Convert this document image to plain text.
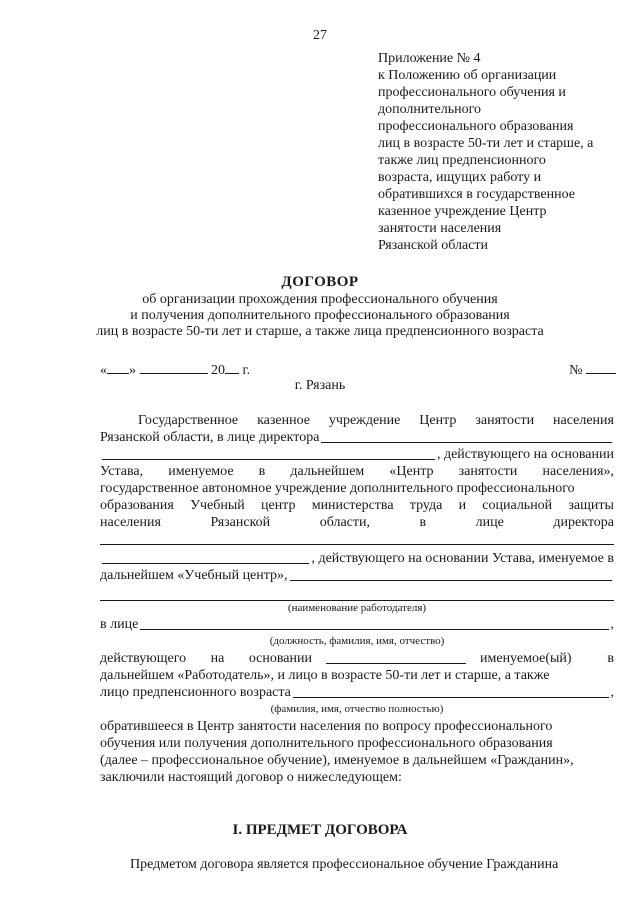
27
Приложение № 4
к Положению об организации
профессионального обучения и
дополнительного
профессионального образования
лиц в возрасте 50-ти лет и старше, а
также лиц предпенсионного
возраста, ищущих работу и
обратившихся в государственное
казенное учреждение Центр
занятости населения
Рязанской области
ДОГОВОР
об организации прохождения профессионального обучения
и получения дополнительного профессионального образования
лиц в возрасте 50-ти лет и старше, а также лица предпенсионного возраста
« »	20 г.	№
г. Рязань
Государственное казенное учреждение Центр занятости населения
Рязанской области, в лице директора
, действующего на основании
Устава, именуемое в дальнейшем «Центр занятости населения»,
государственное автономное учреждение дополнительного профессионального
образования Учебный центр министерства труда и социальной защиты
населения	Рязанской	области,	в	лице	директора
, действующего на основании Устава, именуемое в
дальнейшем «Учебный центр»,
(наименование работодателя)
в лице	,
(должность, фамилия, имя, отчество)
действующего на основании	именуемое(ый)	в
дальнейшем «Работодатель», и лицо в возрасте 50-ти лет и старше, а также
лицо предпенсионного возраста	,
(фамилия, имя, отчество полностью)
обратившееся в Центр занятости населения по вопросу профессионального
обучения или получения дополнительного профессионального образования
(далее – профессиональное обучение), именуемое в дальнейшем «Гражданин»,
заключили настоящий договор о нижеследующем:
I. ПРЕДМЕТ ДОГОВОРА
Предметом договора является профессиональное обучение Гражданина
